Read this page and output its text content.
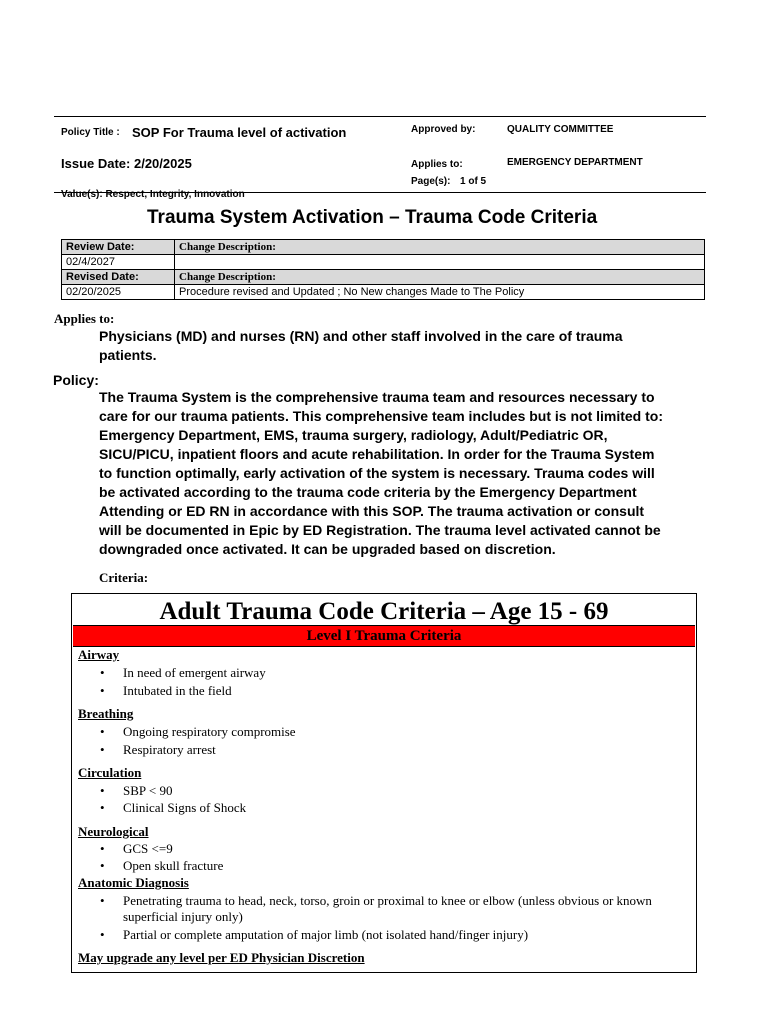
Policy Title : SOP For Trauma level of activation	Approved by:	QUALITY COMMITTEE
Issue Date: 2/20/2025	Applies to:	EMERGENCY DEPARTMENT
Page(s): 1 of 5
Value(s): Respect, Integrity, Innovation
Trauma System Activation – Trauma Code Criteria
Review Date:	Change Description:
02/4/2027	
Revised Date:	Change Description:
02/20/2025	Procedure revised and Updated ; No New changes Made to The Policy
Applies to:
Physicians (MD) and nurses (RN) and other staff involved in the care of trauma
patients.
Policy:
The Trauma System is the comprehensive trauma team and resources necessary to
care for our trauma patients. This comprehensive team includes but is not limited to:
Emergency Department, EMS, trauma surgery, radiology, Adult/Pediatric OR,
SICU/PICU, inpatient floors and acute rehabilitation. In order for the Trauma System
to function optimally, early activation of the system is necessary. Trauma codes will
be activated according to the trauma code criteria by the Emergency Department
Attending or ED RN in accordance with this SOP. The trauma activation or consult
will be documented in Epic by ED Registration. The trauma level activated cannot be
downgraded once activated. It can be upgraded based on discretion.
Criteria:
Adult Trauma Code Criteria – Age 15 - 69
Level I Trauma Criteria
Airway
• In need of emergent airway
• Intubated in the field
Breathing
• Ongoing respiratory compromise
• Respiratory arrest
Circulation
• SBP < 90
• Clinical Signs of Shock
Neurological
• GCS <=9
• Open skull fracture
Anatomic Diagnosis
• Penetrating trauma to head, neck, torso, groin or proximal to knee or elbow (unless obvious or known superficial injury only)
• Partial or complete amputation of major limb (not isolated hand/finger injury)
May upgrade any level per ED Physician Discretion
